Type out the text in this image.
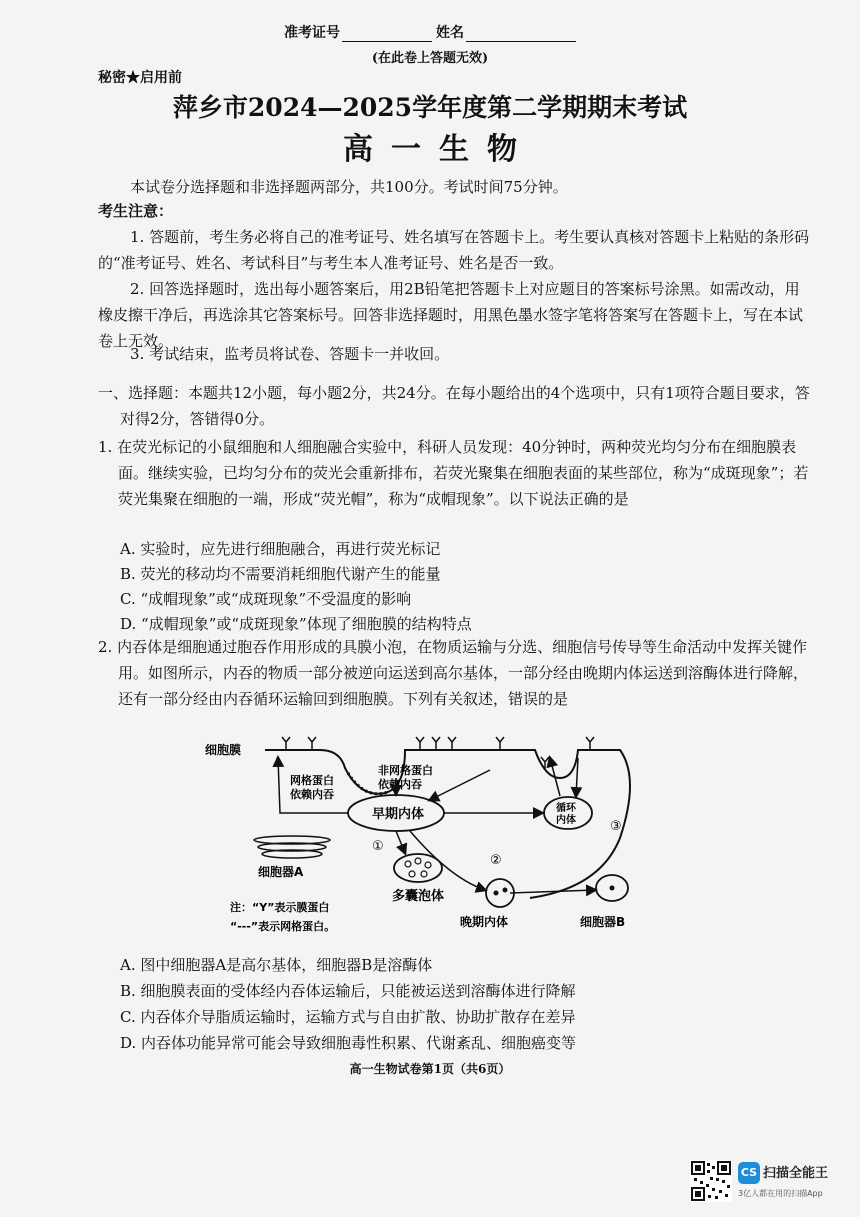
准考证号	姓名
(在此卷上答题无效)
秘密★启用前
萍乡市2024—2025学年度第二学期期末考试
高一生物
本试卷分选择题和非选择题两部分，共100分。考试时间75分钟。
考生注意：
1. 答题前，考生务必将自己的准考证号、姓名填写在答题卡上。考生要认真核对答题卡上粘贴的条形码的“准考证号、姓名、考试科目”与考生本人准考证号、姓名是否一致。
2. 回答选择题时，选出每小题答案后，用2B铅笔把答题卡上对应题目的答案标号涂黑。如需改动，用橡皮擦干净后，再选涂其它答案标号。回答非选择题时，用黑色墨水签字笔将答案写在答题卡上，写在本试卷上无效。
3. 考试结束，监考员将试卷、答题卡一并收回。
一、选择题：本题共12小题，每小题2分，共24分。在每小题给出的4个选项中，只有1项符合题目要求，答对得2分，答错得0分。
1. 在荧光标记的小鼠细胞和人细胞融合实验中，科研人员发现：40分钟时，两种荧光均匀分布在细胞膜表面。继续实验，已均匀分布的荧光会重新排布，若荧光聚集在细胞表面的某些部位，称为“成斑现象”；若荧光集聚在细胞的一端，形成“荧光帽”，称为“成帽现象”。以下说法正确的是
A. 实验时，应先进行细胞融合，再进行荧光标记
B. 荧光的移动均不需要消耗细胞代谢产生的能量
C. “成帽现象”或“成斑现象”不受温度的影响
D. “成帽现象”或“成斑现象”体现了细胞膜的结构特点
2. 内吞体是细胞通过胞吞作用形成的具膜小泡，在物质运输与分选、细胞信号传导等生命活动中发挥关键作用。如图所示，内吞的物质一部分被逆向运送到高尔基体，一部分经由晚期内体运送到溶酶体进行降解，还有一部分经由内吞循环运输回到细胞膜。下列有关叙述，错误的是
细胞膜
网格蛋白
依赖内吞
非网格蛋白
依赖内吞
早期内体	循环
内体
细胞器A
多囊泡体
晚期内体	细胞器B
①
②
③
注：“Y”表示膜蛋白
“---”表示网格蛋白。
A. 图中细胞器A是高尔基体，细胞器B是溶酶体
B. 细胞膜表面的受体经内吞体运输后，只能被运送到溶酶体进行降解
C. 内吞体介导脂质运输时，运输方式与自由扩散、协助扩散存在差异
D. 内吞体功能异常可能会导致细胞毒性积累、代谢紊乱、细胞癌变等
高一生物试卷第1页（共6页）
CS 扫描全能王
3亿人都在用的扫描App
